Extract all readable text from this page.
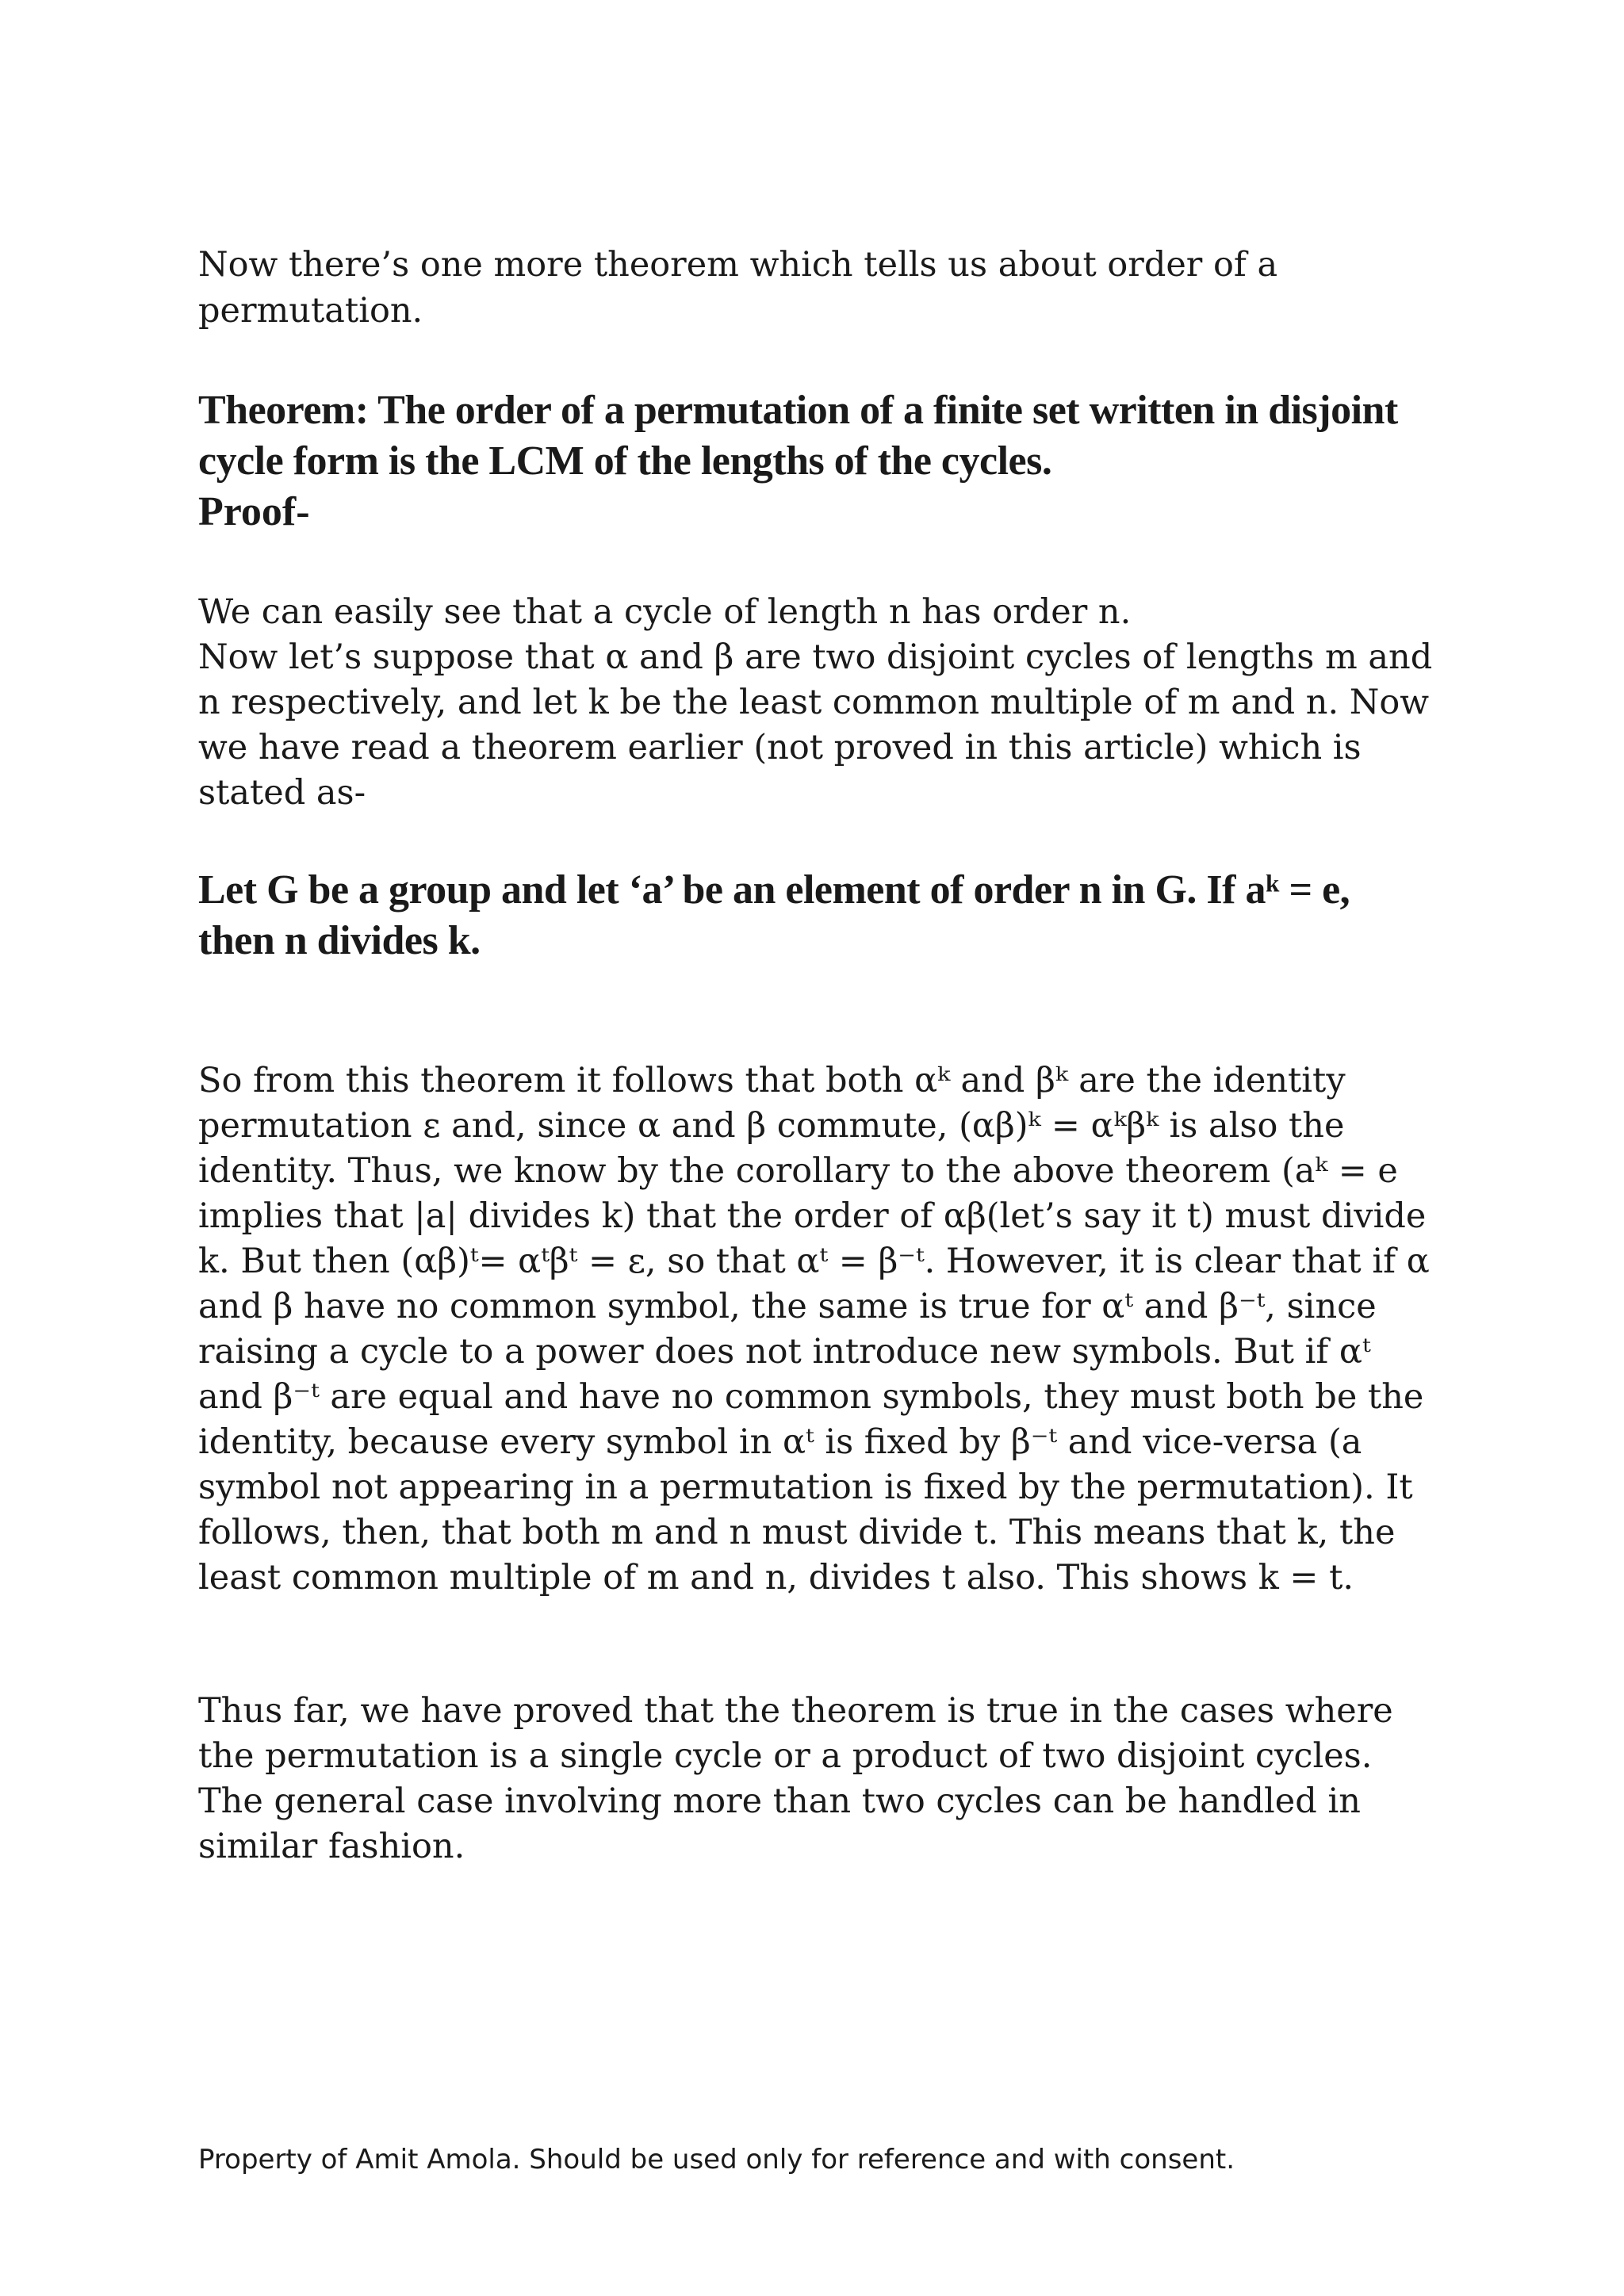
Now there’s one more theorem which tells us about order of a permutation.

Theorem: The order of a permutation of a finite set written in disjoint cycle form is the LCM of the lengths of the cycles.

Proof-

We can easily see that a cycle of length n has order n.
Now let’s suppose that α and β are two disjoint cycles of lengths m and n respectively, and let k be the least common multiple of m and n. Now we have read a theorem earlier (not proved in this article) which is stated as-

Let G be a group and let ‘a’ be an element of order n in G. If aᵏ = e, then n divides k.

So from this theorem it follows that both αᵏ and βᵏ are the identity permutation ε and, since α and β commute, (αβ)ᵏ = αᵏβᵏ is also the identity. Thus, we know by the corollary to the above theorem (aᵏ = e implies that |a| divides k) that the order of αβ(let’s say it t) must divide k. But then (αβ)ᵗ= αᵗβᵗ = ε, so that αᵗ = β⁻ᵗ. However, it is clear that if α and β have no common symbol, the same is true for αᵗ and β⁻ᵗ, since raising a cycle to a power does not introduce new symbols. But if αᵗ and β⁻ᵗ are equal and have no common symbols, they must both be the identity, because every symbol in αᵗ is fixed by β⁻ᵗ and vice-versa (a symbol not appearing in a permutation is fixed by the permutation). It follows, then, that both m and n must divide t. This means that k, the least common multiple of m and n, divides t also. This shows k = t.

Thus far, we have proved that the theorem is true in the cases where the permutation is a single cycle or a product of two disjoint cycles. The general case involving more than two cycles can be handled in similar fashion.

Property of Amit Amola. Should be used only for reference and with consent.
